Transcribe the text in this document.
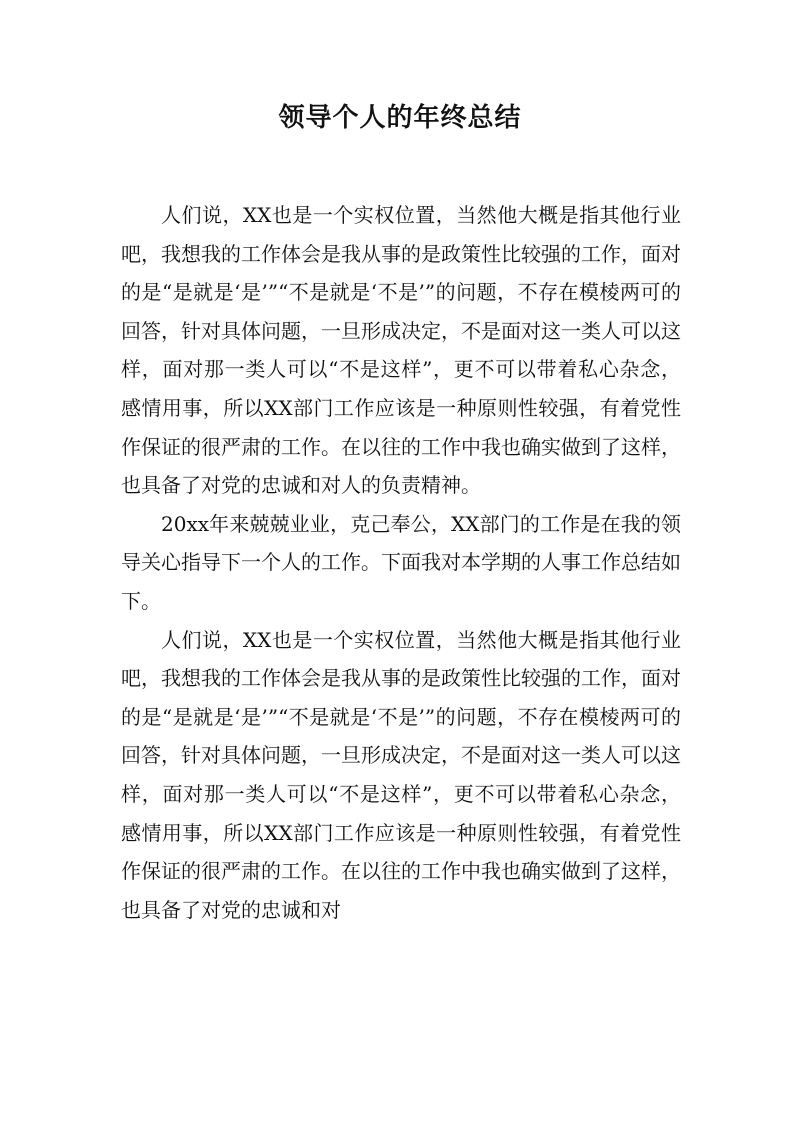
领导个人的年终总结

人们说，XX也是一个实权位置，当然他大概是指其他行业吧，我想我的工作体会是我从事的是政策性比较强的工作，面对的是“是就是‘是’”“不是就是‘不是’”的问题，不存在模棱两可的回答，针对具体问题，一旦形成决定，不是面对这一类人可以这样，面对那一类人可以“不是这样”，更不可以带着私心杂念，感情用事，所以XX部门工作应该是一种原则性较强，有着党性作保证的很严肃的工作。在以往的工作中我也确实做到了这样，也具备了对党的忠诚和对人的负责精神。

20xx年来兢兢业业，克己奉公，XX部门的工作是在我的领导关心指导下一个人的工作。下面我对本学期的人事工作总结如下。

人们说，XX也是一个实权位置，当然他大概是指其他行业吧，我想我的工作体会是我从事的是政策性比较强的工作，面对的是“是就是‘是’”“不是就是‘不是’”的问题，不存在模棱两可的回答，针对具体问题，一旦形成决定，不是面对这一类人可以这样，面对那一类人可以“不是这样”，更不可以带着私心杂念，感情用事，所以XX部门工作应该是一种原则性较强，有着党性作保证的很严肃的工作。在以往的工作中我也确实做到了这样，也具备了对党的忠诚和对
